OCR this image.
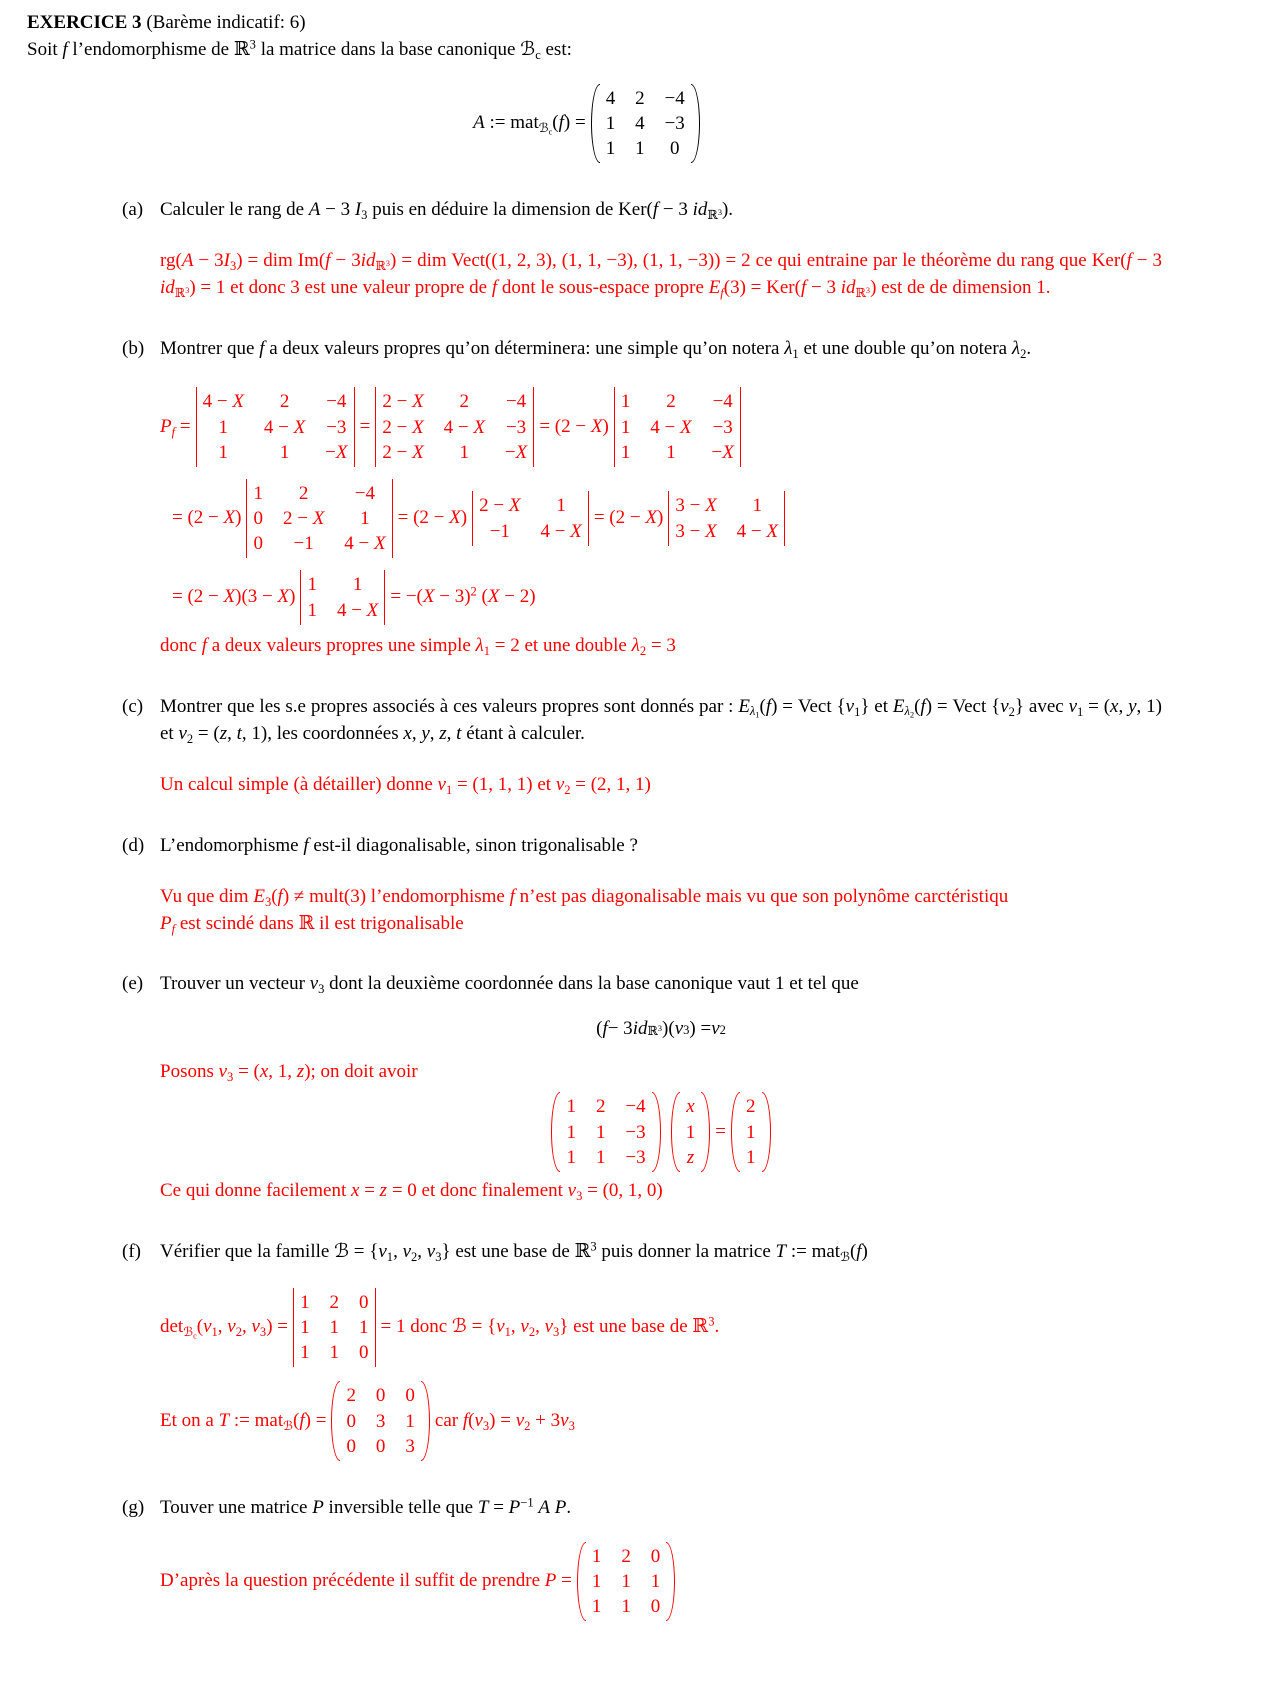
EXERCICE 3 (Barème indicatif: 6)
Soit f l’endomorphisme de ℝ$^3$ la matrice dans la base canonique ℬ$_c$ est:
A := mat$_{ℬ_c}$(f) =
4 2 −4
1 4 −3
1 1 0
(a) Calculer le rang de A − 3 $I_3$ puis en déduire la dimension de Ker(f − 3 $id_{ℝ^3}$).
$rg(A - 3I_3)$ = dim $Im(f - 3id_{ℝ^3})$ = dim Vect((1, 2, 3), (1, 1, −3), (1, 1, −3)) = 2 ce qui entraine par le théorème du rang que Ker(f − 3 $id_{ℝ^3}) = 1$ et donc 3 est une valeur propre de f dont le sous-espace propre $E_f(3) = Ker(f - 3$ $id_{ℝ^3}$) est de de dimension 1.
(b) Montrer que f a deux valeurs propres qu’on déterminera: une simple qu’on notera $\lambda_1$ et une double qu’on notera $\lambda_2$.
$P_f$ =
4 − X 2 −4
1 4 − X −3
1	1 −X
=
2 − X 2 −4
2 − X 4 − X −3
2 − X 1 −X
= (2 − X)
1 2 −4
1 4 − X −3
1 1 −X
= (2 − X)
1 2 −4
0 2 − X 1
0 −1 4 − X
= (2 − X)
2 − X 1
−1 4 − X
= (2 − X)
3 − X 1
3 − X 4 − X
= (2 − X)(3 − X)
1 1
1 4 − X
= $-(X - 3)^2$ (X − 2)
donc f a deux valeurs propres une simple $\lambda_1 = 2$ et une double $\lambda_2 = 3$
(c) Montrer que les s.e propres associés à ces valeurs propres sont donnés par : $E_{\lambda_1}(f)$ = Vect $\{v_1\}$ et $E_{\lambda_2}(f)$ = Vect $\{v_2\}$ avec $v_1 = (x$, y, 1) et $v_2 = (z$, t, 1), les coordonnées x, y, z, t étant à calculer.
Un calcul simple (à détailler) donne $v_1 = (1$, 1, 1) et $v_2 = (2$, 1, 1)
(d) L’endomorphisme f est-il diagonalisable, sinon trigonalisable ?
Vu que dim $E_3(f)$ ≠ mult(3) l’endomorphisme f n’est pas diagonalisable mais vu que son polynôme carctéristiqu
$P_f$ est scindé dans ℝ il est trigonalisable
(e) Trouver un vecteur $v_3$ dont la deuxième coordonnée dans la base canonique vaut 1 et tel que
( f − 3 id ℝ$^3$ )( v 3 ) = v 2
Posons $v_3 = (x$, 1, z); on doit avoir
1 2 −4
1 1 −3
1 1 −3
x
1
z
=
2
1
1
Ce qui donne facilement x = z = 0 et donc finalement $v_3 = (0$, 1, 0)
(f)	Vérifier que la famille ℬ = {$v_1$, $v_2$, $v_3$} est une base de ℝ$^3$ puis donner la matrice T := mat$_ℬ$(f)
$\det_{ℬ_c}(v_1$, $v_2$, $v_3$) =
1 2 0
1 1 1
1 1 0
= 1 donc ℬ = {$v_1$, $v_2$, $v_3$} est une base de ℝ$^3$.
Et on a T := mat$_ℬ$(f) =
2 0 0
0 3 1
0 0 3
car $f(v_3) = v_2 + 3v_3$
(g) Touver une matrice P inversible telle que $T = P^{-1}$ A P.
D’après la question précédente il suffit de prendre P =
1 2 0
1 1 1
1 1 0
